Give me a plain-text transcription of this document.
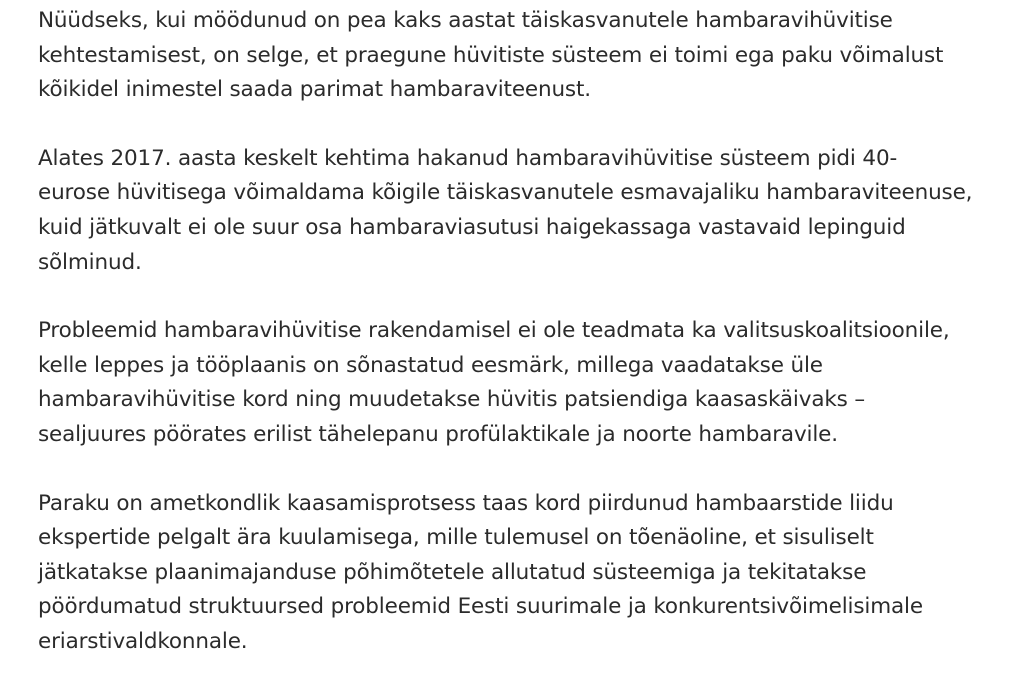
Nüüdseks, kui möödunud on pea kaks aastat täiskasvanutele hambaravihüvitise
kehtestamisest, on selge, et praegune hüvitiste süsteem ei toimi ega paku võimalust
kõikidel inimestel saada parimat hambaraviteenust.

Alates 2017. aasta keskelt kehtima hakanud hambaravihüvitise süsteem pidi 40-
eurose hüvitisega võimaldama kõigile täiskasvanutele esmavajaliku hambaraviteenuse,
kuid jätkuvalt ei ole suur osa hambaraviasutusi haigekassaga vastavaid lepinguid
sõlminud.

Probleemid hambaravihüvitise rakendamisel ei ole teadmata ka valitsuskoalitsioonile,
kelle leppes ja tööplaanis on sõnastatud eesmärk, millega vaadatakse üle
hambaravihüvitise kord ning muudetakse hüvitis patsiendiga kaasaskäivaks –
sealjuures pöörates erilist tähelepanu profülaktikale ja noorte hambaravile.

Paraku on ametkondlik kaasamisprotsess taas kord piirdunud hambaarstide liidu
ekspertide pelgalt ära kuulamisega, mille tulemusel on tõenäoline, et sisuliselt
jätkatakse plaanimajanduse põhimõtetele allutatud süsteemiga ja tekitatakse
pöördumatud struktuursed probleemid Eesti suurimale ja konkurentsivõimelisimale
eriarstivaldkonnale.
